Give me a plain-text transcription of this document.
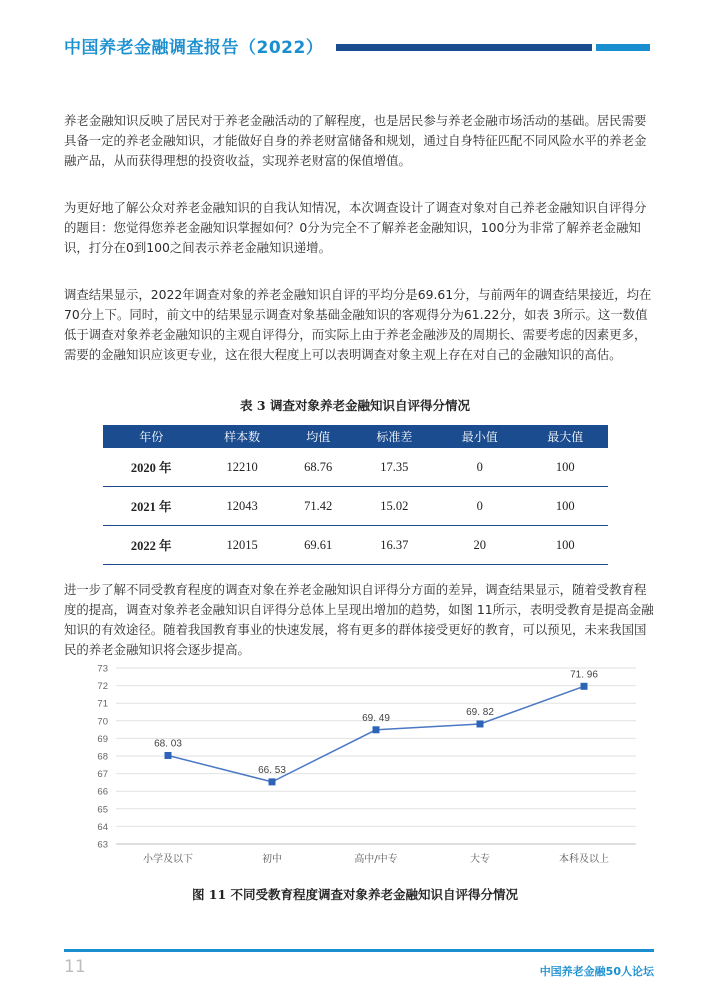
中国养老金融调查报告（2022）

养老金融知识反映了居民对于养老金融活动的了解程度，也是居民参与养老金融市场活动的基础。居民需要具备一定的养老金融知识，才能做好自身的养老财富储备和规划，通过自身特征匹配不同风险水平的养老金融产品，从而获得理想的投资收益，实现养老财富的保值增值。

为更好地了解公众对养老金融知识的自我认知情况，本次调查设计了调查对象对自己养老金融知识自评得分的题目：您觉得您养老金融知识掌握如何？0分为完全不了解养老金融知识，100分为非常了解养老金融知识，打分在0到100之间表示养老金融知识递增。

调查结果显示，2022年调查对象的养老金融知识自评的平均分是69.61分，与前两年的调查结果接近，均在70分上下。同时，前文中的结果显示调查对象基础金融知识的客观得分为61.22分，如表 3所示。这一数值低于调查对象养老金融知识的主观自评得分，而实际上由于养老金融涉及的周期长、需要考虑的因素更多，需要的金融知识应该更专业，这在很大程度上可以表明调查对象主观上存在对自己的金融知识的高估。

表 3 调查对象养老金融知识自评得分情况
年份	样本数	均值	标准差	最小值	最大值
2020 年	12210	68.76	17.35	0	100
2021 年	12043	71.42	15.02	0	100
2022 年	12015	69.61	16.37	20	100

进一步了解不同受教育程度的调查对象在养老金融知识自评得分方面的差异，调查结果显示，随着受教育程度的提高，调查对象养老金融知识自评得分总体上呈现出增加的趋势，如图 11所示，表明受教育是提高金融知识的有效途径。随着我国教育事业的快速发展，将有更多的群体接受更好的教育，可以预见，未来我国国民的养老金融知识将会逐步提高。

63
64
65
66
67
68
69
70
71
72
73
小学及以下	初中	高中/中专	大专	本科及以上
68. 03
66. 53
69. 49
69. 82
71. 96
图 11 不同受教育程度调查对象养老金融知识自评得分情况
11	中国养老金融50人论坛
